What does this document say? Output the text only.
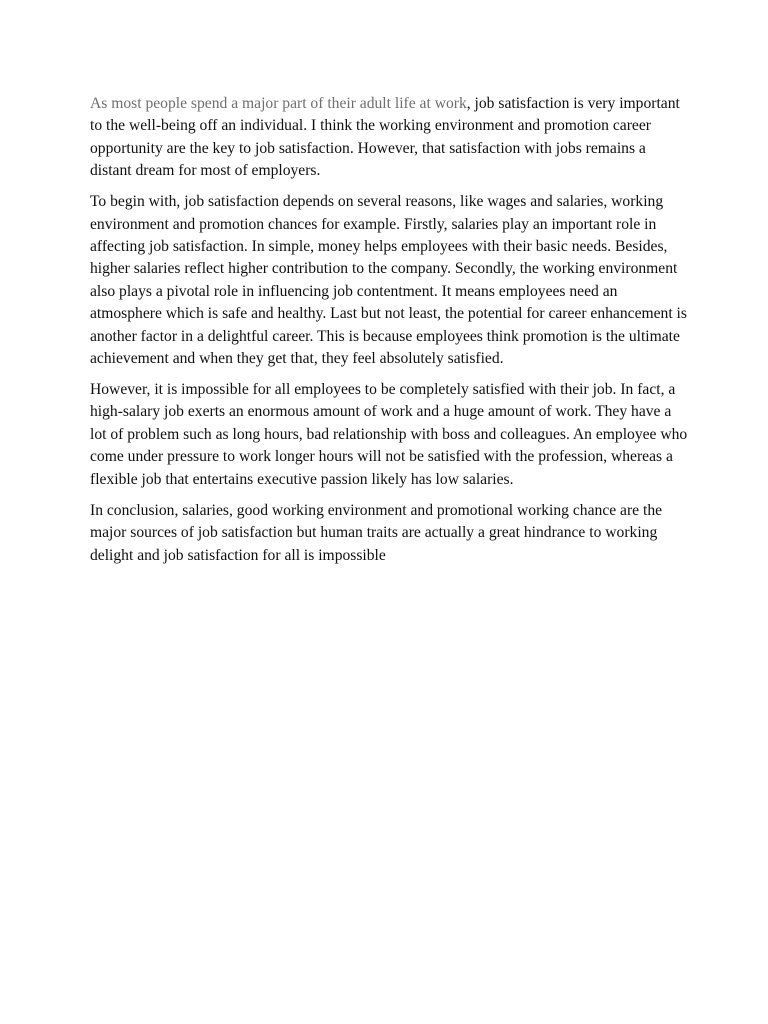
As most people spend a major part of their adult life at work, job satisfaction is very important to the well-being off an individual. I think the working environment and promotion career opportunity are the key to job satisfaction. However, that satisfaction with jobs remains a distant dream for most of employers.

To begin with, job satisfaction depends on several reasons, like wages and salaries, working environment and promotion chances for example. Firstly, salaries play an important role in affecting job satisfaction. In simple, money helps employees with their basic needs. Besides, higher salaries reflect higher contribution to the company. Secondly, the working environment also plays a pivotal role in influencing job contentment. It means employees need an atmosphere which is safe and healthy. Last but not least, the potential for career enhancement is another factor in a delightful career. This is because employees think promotion is the ultimate achievement and when they get that, they feel absolutely satisfied.

However, it is impossible for all employees to be completely satisfied with their job. In fact, a high-salary job exerts an enormous amount of work and a huge amount of work. They have a lot of problem such as long hours, bad relationship with boss and colleagues. An employee who come under pressure to work longer hours will not be satisfied with the profession, whereas a flexible job that entertains executive passion likely has low salaries.

In conclusion, salaries, good working environment and promotional working chance are the major sources of job satisfaction but human traits are actually a great hindrance to working delight and job satisfaction for all is impossible
